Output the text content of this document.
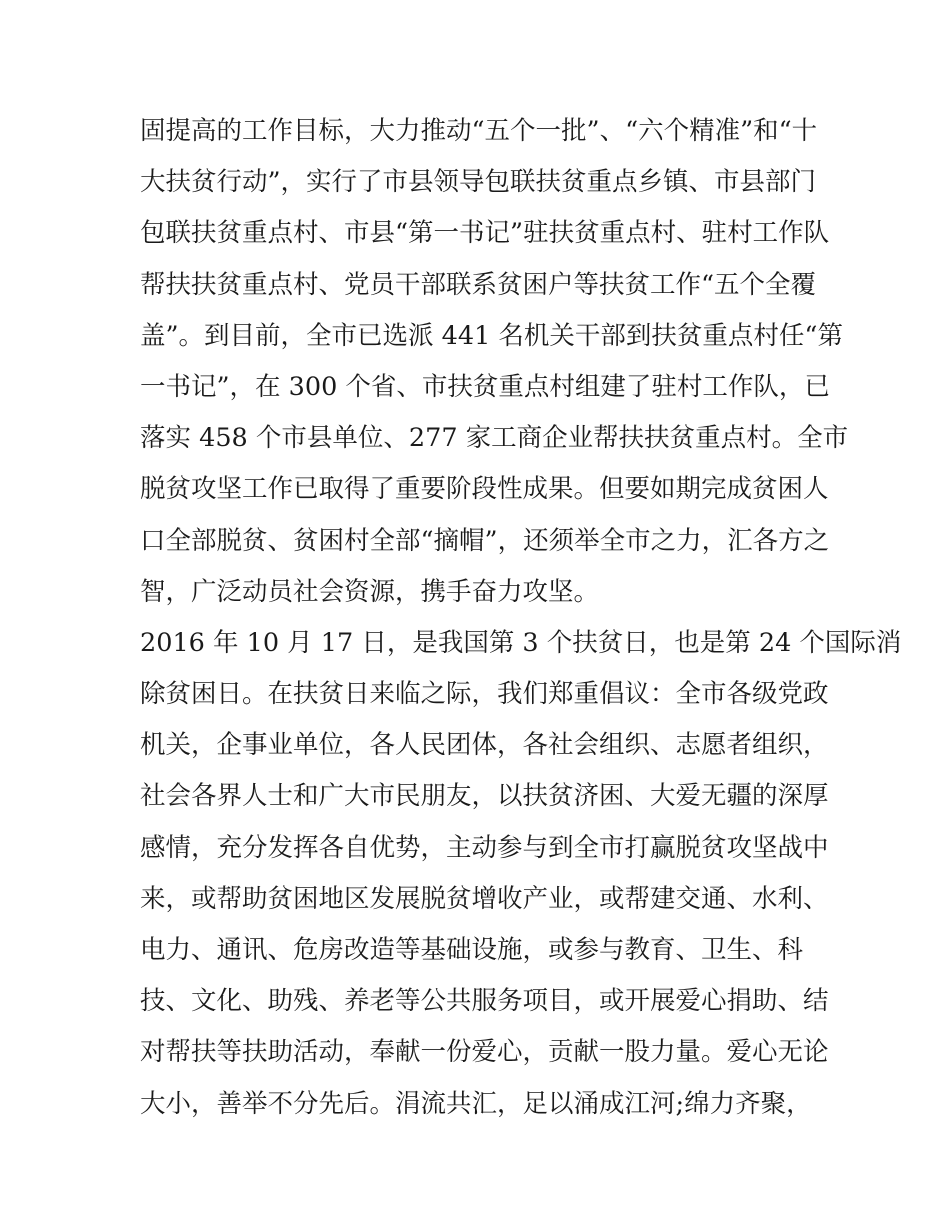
固提高的工作目标，大力推动“五个一批”、“六个精准”和“十
大扶贫行动”，实行了市县领导包联扶贫重点乡镇、市县部门
包联扶贫重点村、市县“第一书记”驻扶贫重点村、驻村工作队
帮扶扶贫重点村、党员干部联系贫困户等扶贫工作“五个全覆
盖”。到目前，全市已选派 441 名机关干部到扶贫重点村任“第
一书记”，在 300 个省、市扶贫重点村组建了驻村工作队，已
落实 458 个市县单位、277 家工商企业帮扶扶贫重点村。全市
脱贫攻坚工作已取得了重要阶段性成果。但要如期完成贫困人
口全部脱贫、贫困村全部“摘帽”，还须举全市之力，汇各方之
智，广泛动员社会资源，携手奋力攻坚。
2016 年 10 月 17 日，是我国第 3 个扶贫日，也是第 24 个国际消
除贫困日。在扶贫日来临之际，我们郑重倡议：全市各级党政
机关，企事业单位，各人民团体，各社会组织、志愿者组织，
社会各界人士和广大市民朋友，以扶贫济困、大爱无疆的深厚
感情，充分发挥各自优势，主动参与到全市打赢脱贫攻坚战中
来，或帮助贫困地区发展脱贫增收产业，或帮建交通、水利、
电力、通讯、危房改造等基础设施，或参与教育、卫生、科
技、文化、助残、养老等公共服务项目，或开展爱心捐助、结
对帮扶等扶助活动，奉献一份爱心，贡献一股力量。爱心无论
大小，善举不分先后。涓流共汇，足以涌成江河;绵力齐聚，
